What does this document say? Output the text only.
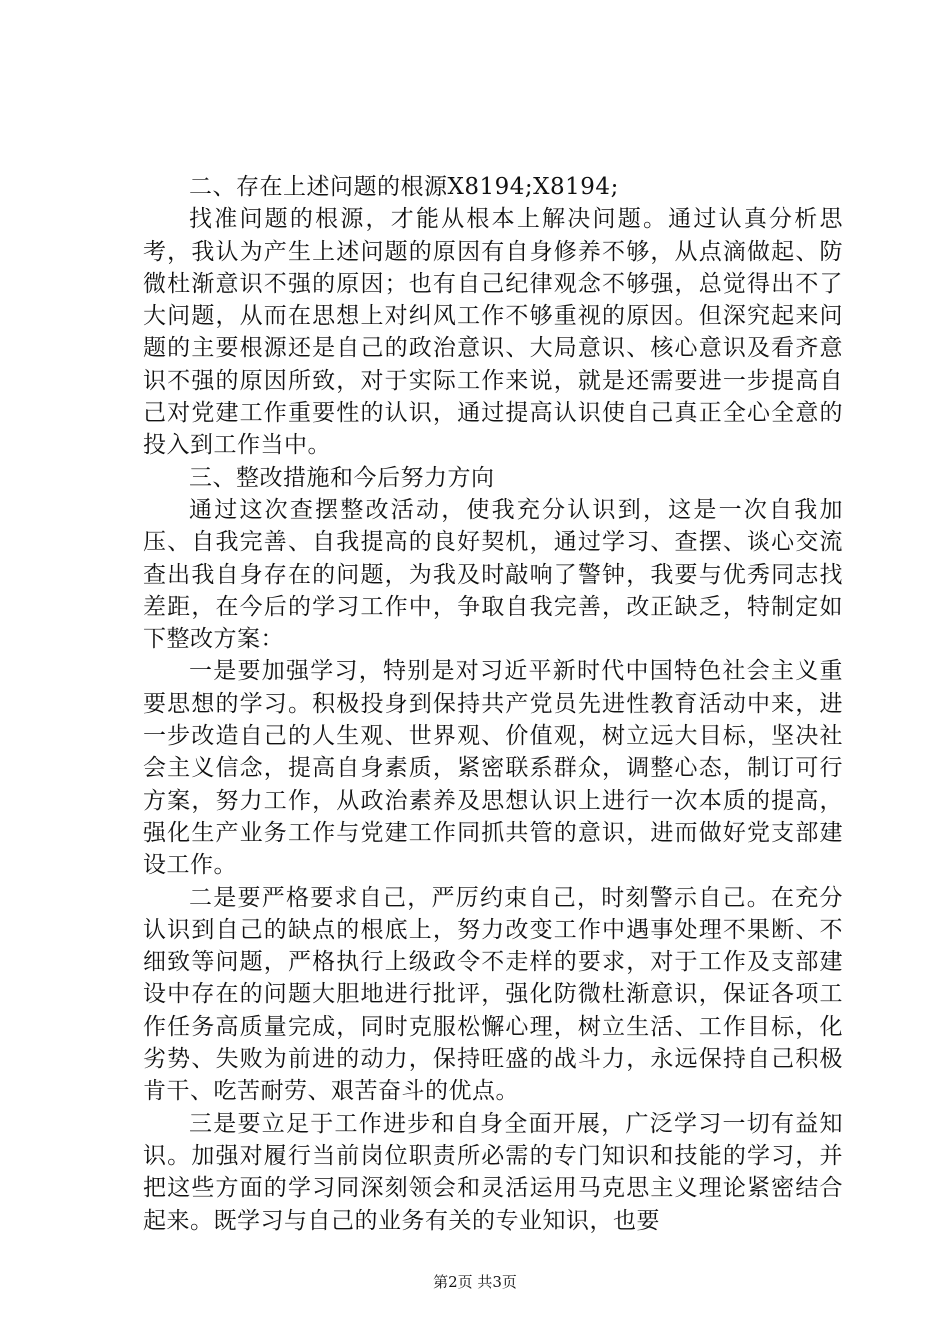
二、存在上述问题的根源X8194;X8194;

找准问题的根源，才能从根本上解决问题。通过认真分析思考，我认为产生上述问题的原因有自身修养不够，从点滴做起、防微杜渐意识不强的原因；也有自己纪律观念不够强，总觉得出不了大问题，从而在思想上对纠风工作不够重视的原因。但深究起来问题的主要根源还是自己的政治意识、大局意识、核心意识及看齐意识不强的原因所致，对于实际工作来说，就是还需要进一步提高自己对党建工作重要性的认识，通过提高认识使自己真正全心全意的投入到工作当中。

三、整改措施和今后努力方向

通过这次查摆整改活动，使我充分认识到，这是一次自我加压、自我完善、自我提高的良好契机，通过学习、查摆、谈心交流查出我自身存在的问题，为我及时敲响了警钟，我要与优秀同志找差距，在今后的学习工作中，争取自我完善，改正缺乏，特制定如下整改方案：

一是要加强学习，特别是对习近平新时代中国特色社会主义重要思想的学习。积极投身到保持共产党员先进性教育活动中来，进一步改造自己的人生观、世界观、价值观，树立远大目标，坚决社会主义信念，提高自身素质，紧密联系群众，调整心态，制订可行方案，努力工作，从政治素养及思想认识上进行一次本质的提高，强化生产业务工作与党建工作同抓共管的意识，进而做好党支部建设工作。

二是要严格要求自己，严厉约束自己，时刻警示自己。在充分认识到自己的缺点的根底上，努力改变工作中遇事处理不果断、不细致等问题，严格执行上级政令不走样的要求，对于工作及支部建设中存在的问题大胆地进行批评，强化防微杜渐意识，保证各项工作任务高质量完成，同时克服松懈心理，树立生活、工作目标，化劣势、失败为前进的动力，保持旺盛的战斗力，永远保持自己积极肯干、吃苦耐劳、艰苦奋斗的优点。

三是要立足于工作进步和自身全面开展，广泛学习一切有益知识。加强对履行当前岗位职责所必需的专门知识和技能的学习，并把这些方面的学习同深刻领会和灵活运用马克思主义理论紧密结合起来。既学习与自己的业务有关的专业知识，也要

第2页 共3页
